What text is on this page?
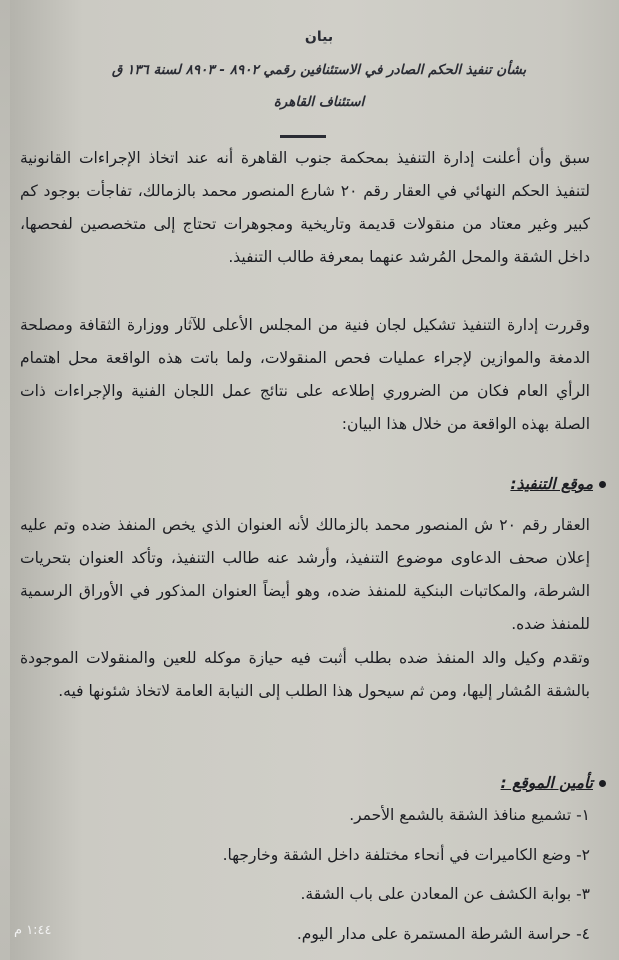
بيان
بشأن تنفيذ الحكم الصادر في الاستئنافين رقمي ٨٩٠٢ - ٨٩٠٣ لسنة ١٣٦ ق
استئناف القاهرة
سبق وأن أعلنت إدارة التنفيذ بمحكمة جنوب القاهرة أنه عند اتخاذ الإجراءات القانونية لتنفيذ الحكم النهائي في العقار رقم ٢٠ شارع المنصور محمد بالزمالك، تفاجأت بوجود كم كبير وغير معتاد من منقولات قديمة وتاريخية ومجوهرات تحتاج إلى متخصصين لفحصها، داخل الشقة والمحل المُرشد عنهما بمعرفة طالب التنفيذ.
وقررت إدارة التنفيذ تشكيل لجان فنية من المجلس الأعلى للآثار ووزارة الثقافة ومصلحة الدمغة والموازين لإجراء عمليات فحص المنقولات، ولما باتت هذه الواقعة محل اهتمام الرأي العام فكان من الضروري إطلاعه على نتائج عمل اللجان الفنية والإجراءات ذات الصلة بهذه الواقعة من خلال هذا البيان:
موقع التنفيذ:
العقار رقم ٢٠ ش المنصور محمد بالزمالك لأنه العنوان الذي يخص المنفذ ضده وتم عليه إعلان صحف الدعاوى موضوع التنفيذ، وأرشد عنه طالب التنفيذ، وتأكد العنوان بتحريات الشرطة، والمكاتبات البنكية للمنفذ ضده، وهو أيضاً العنوان المذكور في الأوراق الرسمية للمنفذ ضده.
وتقدم وكيل والد المنفذ ضده بطلب أثبت فيه حيازة موكله للعين والمنقولات الموجودة بالشقة المُشار إليها، ومن ثم سيحول هذا الطلب إلى النيابة العامة لاتخاذ شئونها فيه.
تأمين الموقع :
١- تشميع منافذ الشقة بالشمع الأحمر.
٢- وضع الكاميرات في أنحاء مختلفة داخل الشقة وخارجها.
٣- بوابة الكشف عن المعادن على باب الشقة.
٤- حراسة الشرطة المستمرة على مدار اليوم.
١:٤٤ م
